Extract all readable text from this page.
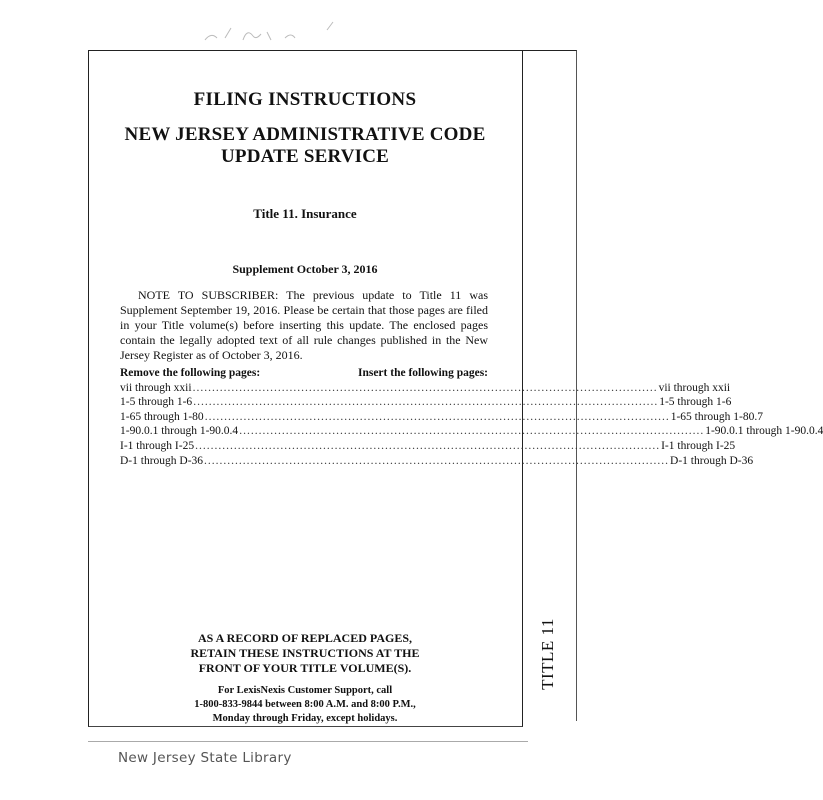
TITLE 11
FILING INSTRUCTIONS
NEW JERSEY ADMINISTRATIVE CODE
UPDATE SERVICE
Title 11. Insurance
Supplement October 3, 2016
NOTE TO SUBSCRIBER: The previous update to Title 11 was Supplement September 19, 2016. Please be certain that those pages are filed in your Title volume(s) before inserting this update. The enclosed pages contain the legally adopted text of all rule changes published in the New Jersey Register as of October 3, 2016.
Remove the following pages:	Insert the following pages:
vii through xxii ........................................................................................................................ vii through xxii
1-5 through 1-6 ........................................................................................................................ 1-5 through 1-6
1-65 through 1-80 ........................................................................................................................ 1-65 through 1-80.7
1-90.0.1 through 1-90.0.4 ........................................................................................................................ 1-90.0.1 through 1-90.0.4
I-1 through I-25 ........................................................................................................................ I-1 through I-25
D-1 through D-36 ........................................................................................................................ D-1 through D-36
AS A RECORD OF REPLACED PAGES,
RETAIN THESE INSTRUCTIONS AT THE
FRONT OF YOUR TITLE VOLUME(S).
For LexisNexis Customer Support, call
1-800-833-9844 between 8:00 A.M. and 8:00 P.M.,
Monday through Friday, except holidays.
New Jersey State Library
